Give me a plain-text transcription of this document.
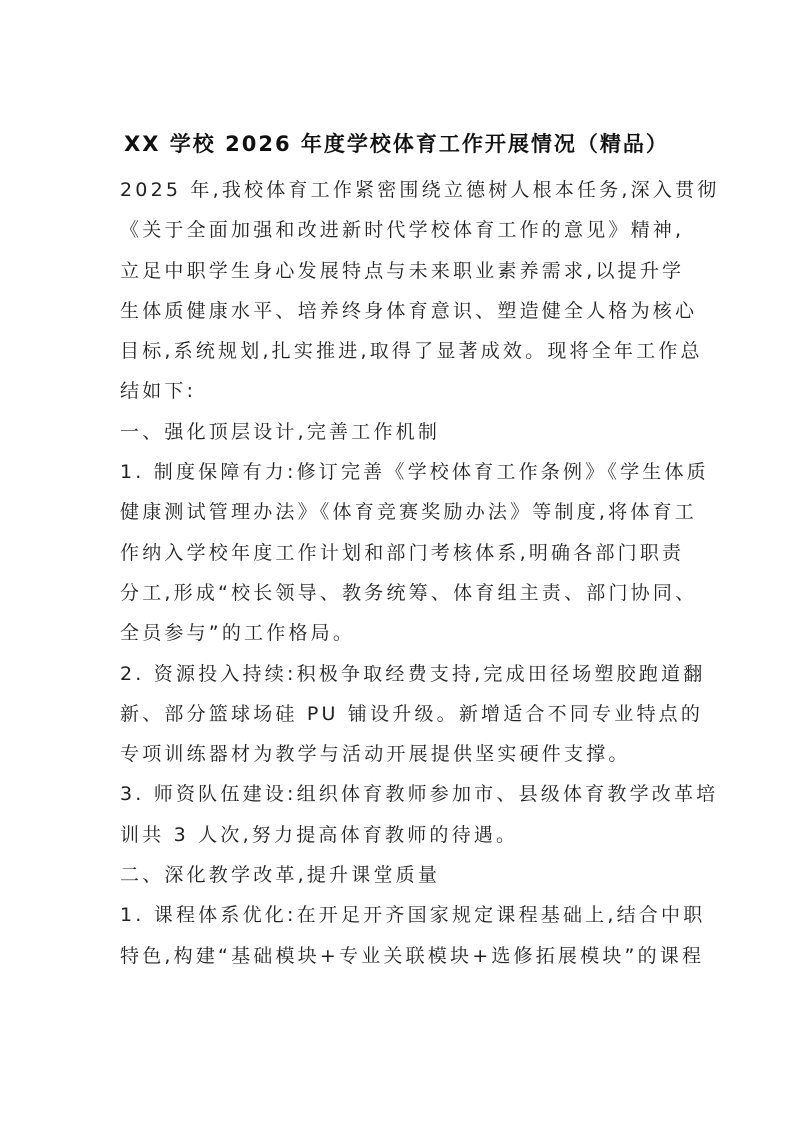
XX 学校 2026 年度学校体育工作开展情况（精品）
2025 年,我校体育工作紧密围绕立德树人根本任务,深入贯彻
《关于全面加强和改进新时代学校体育工作的意见》精神,
立足中职学生身心发展特点与未来职业素养需求,以提升学
生体质健康水平、培养终身体育意识、塑造健全人格为核心
目标,系统规划,扎实推进,取得了显著成效。现将全年工作总
结如下:
一、强化顶层设计,完善工作机制
1. 制度保障有力:修订完善《学校体育工作条例》《学生体质
健康测试管理办法》《体育竞赛奖励办法》等制度,将体育工
作纳入学校年度工作计划和部门考核体系,明确各部门职责
分工,形成“校长领导、教务统筹、体育组主责、部门协同、
全员参与”的工作格局。
2. 资源投入持续:积极争取经费支持,完成田径场塑胶跑道翻
新、部分篮球场硅 PU 铺设升级。新增适合不同专业特点的
专项训练器材为教学与活动开展提供坚实硬件支撑。
3. 师资队伍建设:组织体育教师参加市、县级体育教学改革培
训共 3 人次,努力提高体育教师的待遇。
二、深化教学改革,提升课堂质量
1. 课程体系优化:在开足开齐国家规定课程基础上,结合中职
特色,构建“基础模块+专业关联模块+选修拓展模块”的课程
